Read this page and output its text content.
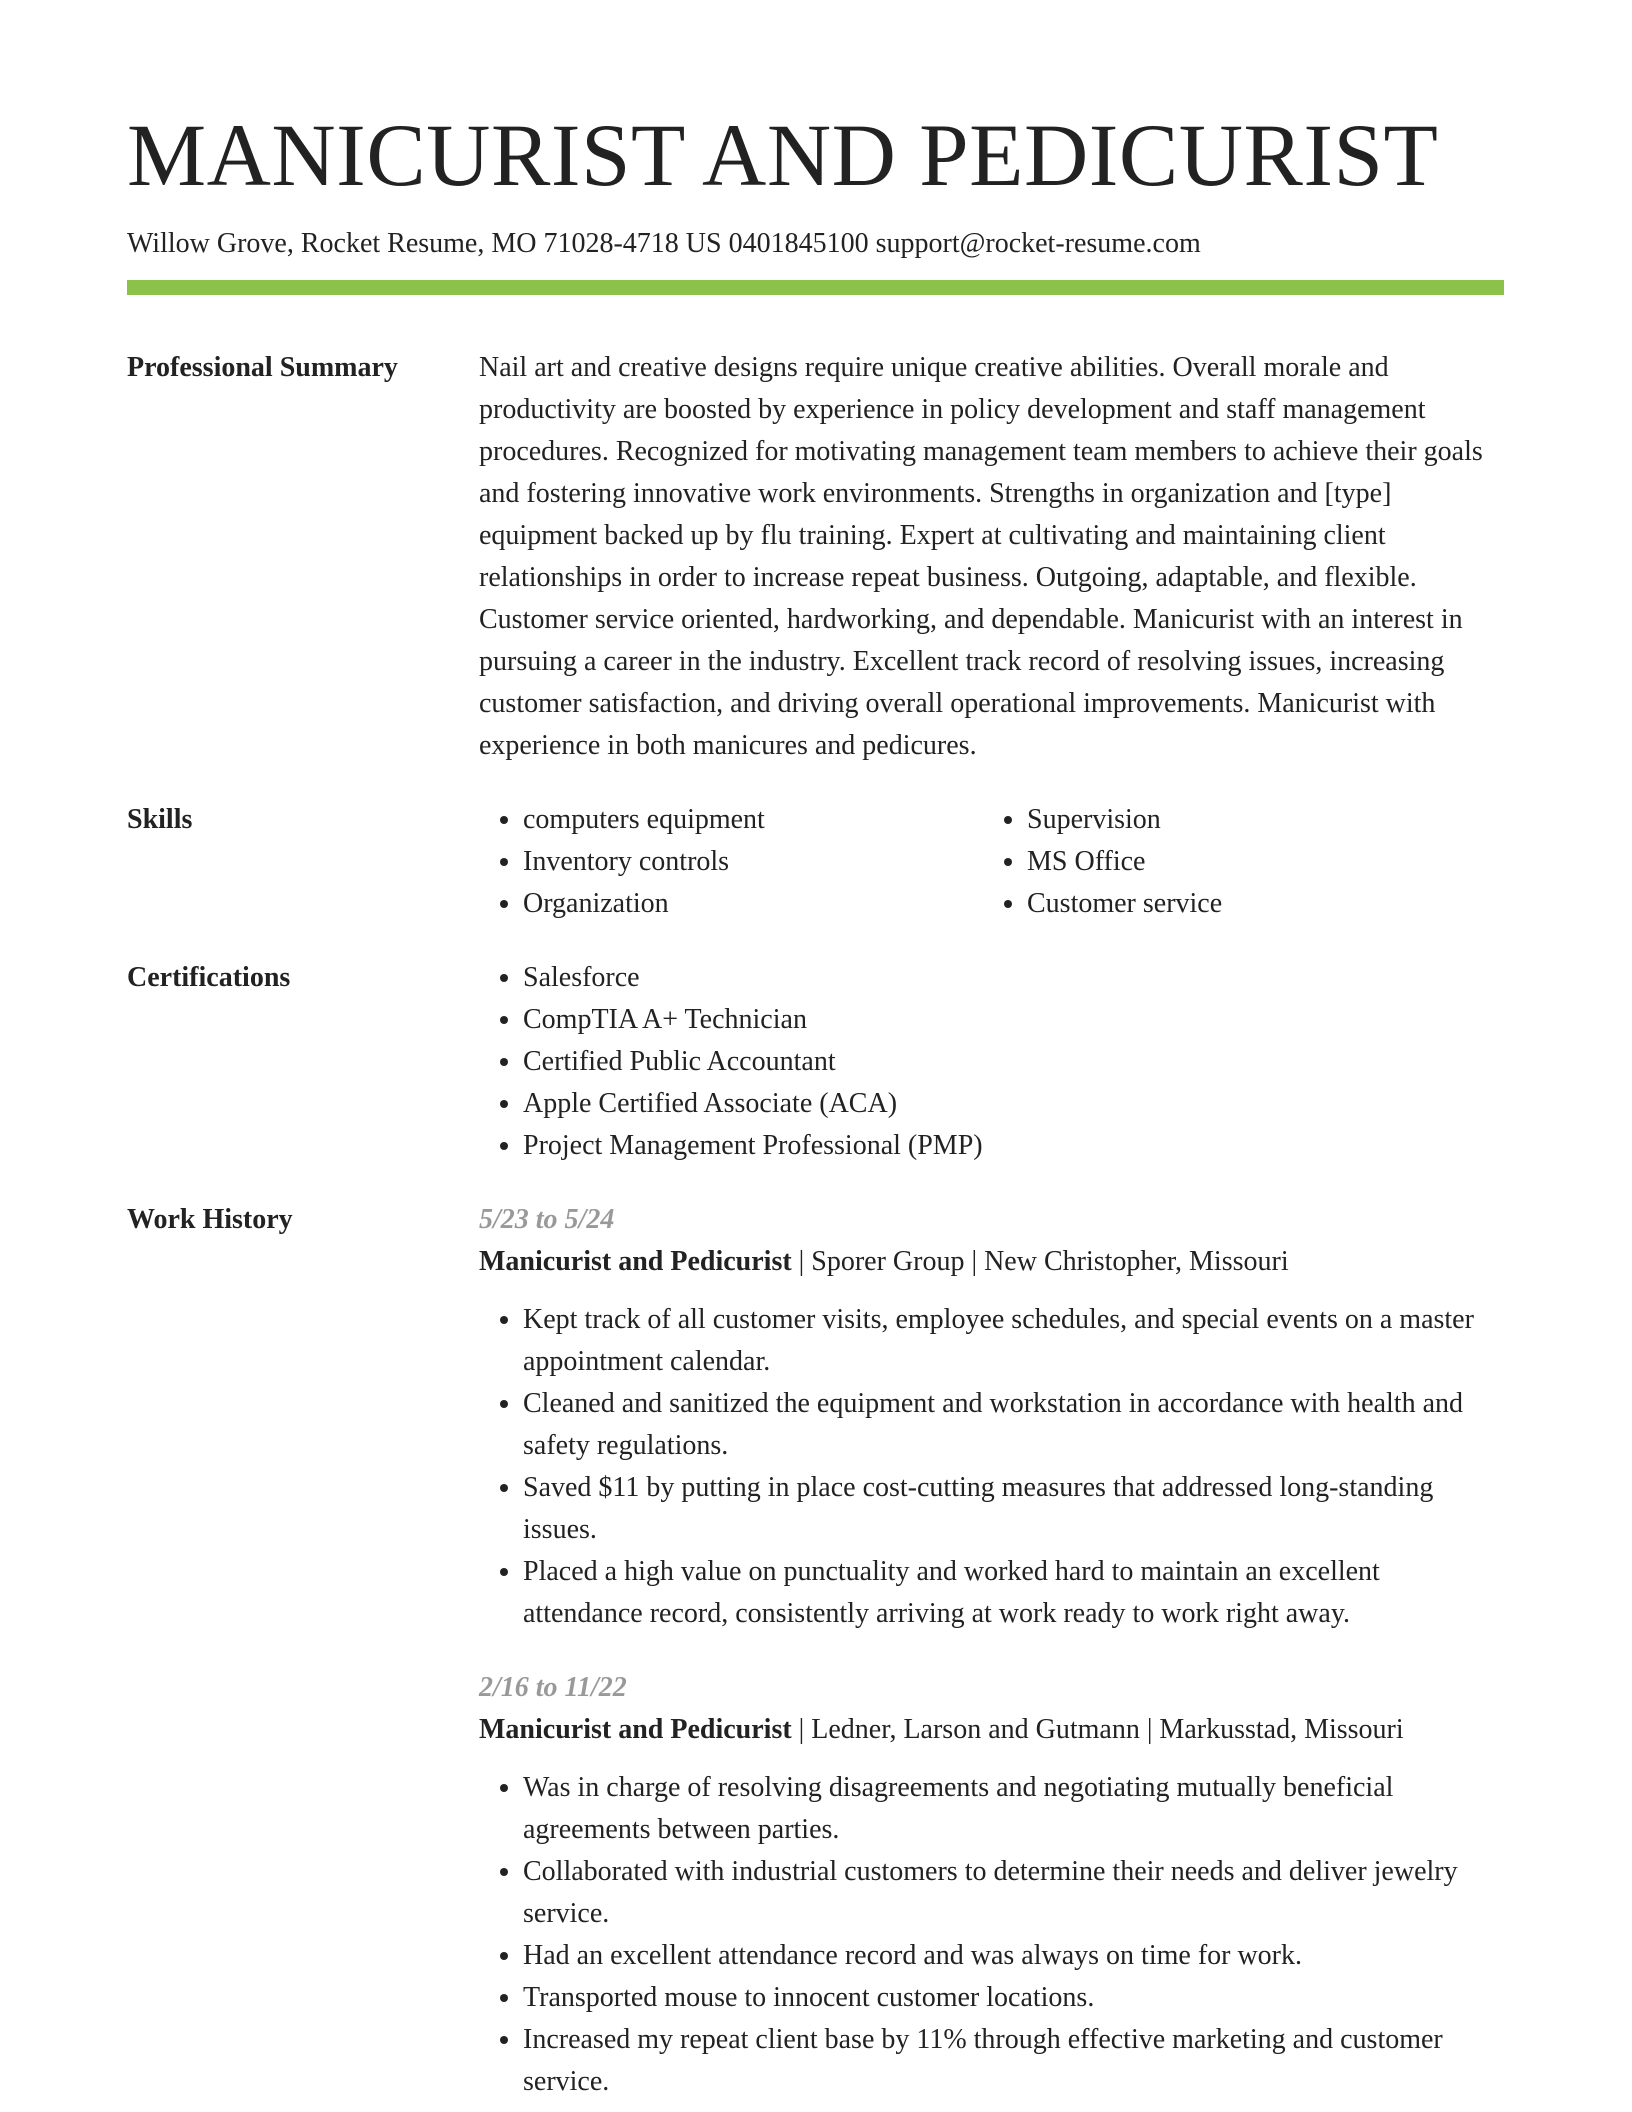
MANICURIST AND PEDICURIST
Willow Grove, Rocket Resume, MO 71028-4718 US 0401845100 support@rocket-resume.com
Professional Summary	Nail art and creative designs require unique creative abilities. Overall morale and productivity are boosted by experience in policy development and staff management procedures. Recognized for motivating management team members to achieve their goals and fostering innovative work environments. Strengths in organization and [type] equipment backed up by flu training. Expert at cultivating and maintaining client relationships in order to increase repeat business. Outgoing, adaptable, and flexible. Customer service oriented, hardworking, and dependable. Manicurist with an interest in pursuing a career in the industry. Excellent track record of resolving issues, increasing customer satisfaction, and driving overall operational improvements. Manicurist with experience in both manicures and pedicures.

Skills	• computers equipment
• Inventory controls
• Organization
• Supervision
• MS Office
• Customer service
Certifications	• Salesforce
• CompTIA A+ Technician
• Certified Public Accountant
• Apple Certified Associate (ACA)
• Project Management Professional (PMP)
Work History	5/23 to 5/24
Manicurist and Pedicurist | Sporer Group | New Christopher, Missouri
• Kept track of all customer visits, employee schedules, and special events on a master appointment calendar.
• Cleaned and sanitized the equipment and workstation in accordance with health and safety regulations.
• Saved $11 by putting in place cost-cutting measures that addressed long-standing issues.
• Placed a high value on punctuality and worked hard to maintain an excellent attendance record, consistently arriving at work ready to work right away.
2/16 to 11/22
Manicurist and Pedicurist | Ledner, Larson and Gutmann | Markusstad, Missouri
• Was in charge of resolving disagreements and negotiating mutually beneficial agreements between parties.
• Collaborated with industrial customers to determine their needs and deliver jewelry service.
• Had an excellent attendance record and was always on time for work.
• Transported mouse to innocent customer locations.
• Increased my repeat client base by 11% through effective marketing and customer service.
